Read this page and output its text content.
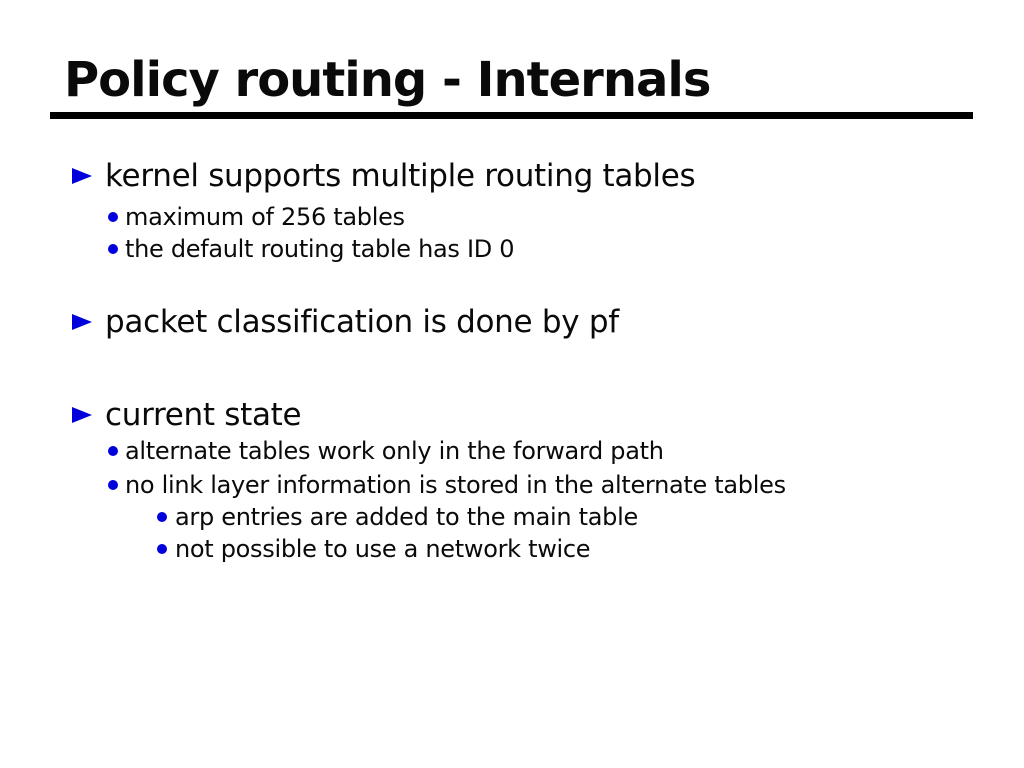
Policy routing - Internals
kernel supports multiple routing tables
maximum of 256 tables
the default routing table has ID 0
packet classification is done by pf
current state
alternate tables work only in the forward path
no link layer information is stored in the alternate tables
arp entries are added to the main table
not possible to use a network twice
